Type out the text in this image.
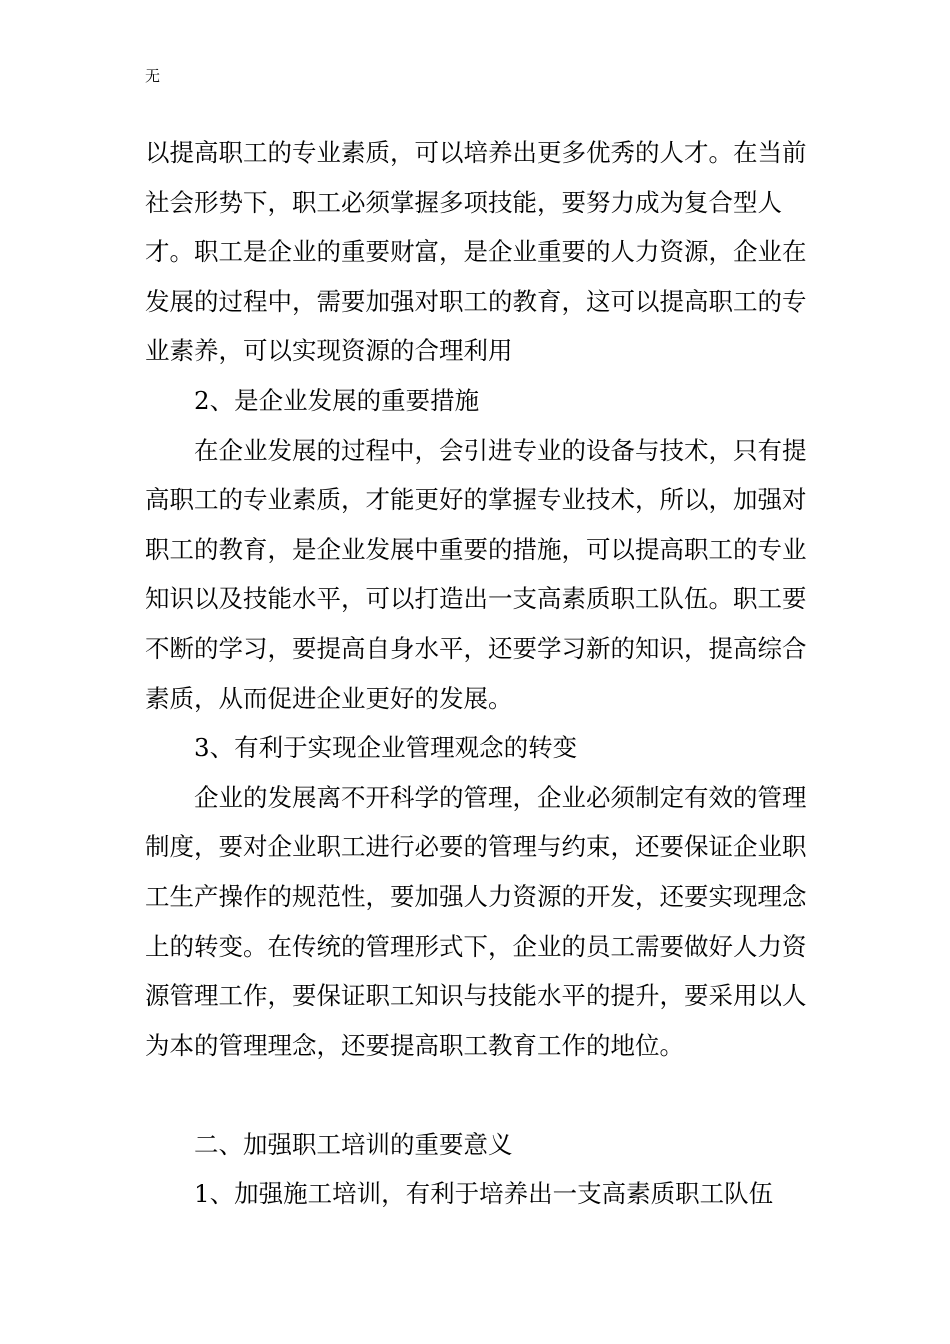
无

以提高职工的专业素质，可以培养出更多优秀的人才。在当前社会形势下，职工必须掌握多项技能，要努力成为复合型人才。职工是企业的重要财富，是企业重要的人力资源，企业在发展的过程中，需要加强对职工的教育，这可以提高职工的专业素养，可以实现资源的合理利用

2、是企业发展的重要措施

在企业发展的过程中，会引进专业的设备与技术，只有提高职工的专业素质，才能更好的掌握专业技术，所以，加强对职工的教育，是企业发展中重要的措施，可以提高职工的专业知识以及技能水平，可以打造出一支高素质职工队伍。职工要不断的学习，要提高自身水平，还要学习新的知识，提高综合素质，从而促进企业更好的发展。

3、有利于实现企业管理观念的转变

企业的发展离不开科学的管理，企业必须制定有效的管理制度，要对企业职工进行必要的管理与约束，还要保证企业职工生产操作的规范性，要加强人力资源的开发，还要实现理念上的转变。在传统的管理形式下，企业的员工需要做好人力资源管理工作，要保证职工知识与技能水平的提升，要采用以人为本的管理理念，还要提高职工教育工作的地位。

二、加强职工培训的重要意义

1、加强施工培训，有利于培养出一支高素质职工队伍
